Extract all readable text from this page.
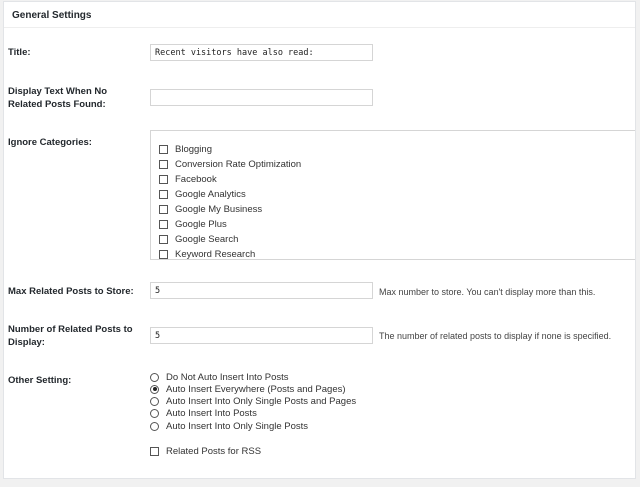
General Settings
Title:
Recent visitors have also read:
Display Text When No
Related Posts Found:
Ignore Categories:
Blogging
Conversion Rate Optimization
Facebook
Google Analytics
Google My Business
Google Plus
Google Search
Keyword Research
Max Related Posts to Store:
5	Max number to store. You can't display more than this.
Number of Related Posts to
Display:
5
The number of related posts to display if none is specified.
Other Setting:	Do Not Auto Insert Into Posts
Auto Insert Everywhere (Posts and Pages)
Auto Insert Into Only Single Posts and Pages
Auto Insert Into Posts
Auto Insert Into Only Single Posts
Related Posts for RSS
